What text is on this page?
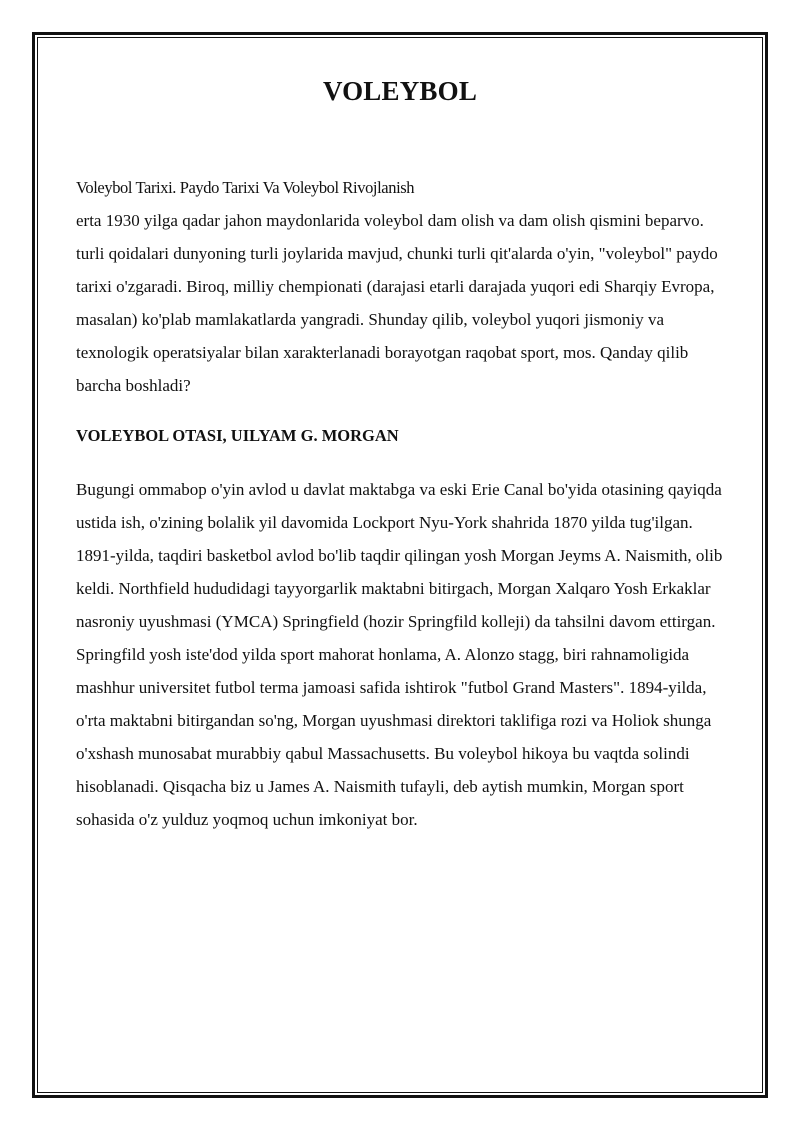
VOLEYBOL

Voleybol Tarixi. Paydo Tarixi Va Voleybol Rivojlanish

erta 1930 yilga qadar jahon maydonlarida voleybol dam olish va dam olish qismini beparvo. turli qoidalari dunyoning turli joylarida mavjud, chunki turli qit'alarda o'yin, "voleybol" paydo tarixi o'zgaradi. Biroq, milliy chempionati (darajasi etarli darajada yuqori edi Sharqiy Evropa, masalan) ko'plab mamlakatlarda yangradi. Shunday qilib, voleybol yuqori jismoniy va texnologik operatsiyalar bilan xarakterlanadi borayotgan raqobat sport, mos. Qanday qilib barcha boshladi?

VOLEYBOL OTASI, UILYAM G. MORGAN

Bugungi ommabop o'yin avlod u davlat maktabga va eski Erie Canal bo'yida otasining qayiqda ustida ish, o'zining bolalik yil davomida Lockport Nyu-York shahrida 1870 yilda tug'ilgan. 1891-yilda, taqdiri basketbol avlod bo'lib taqdir qilingan yosh Morgan Jeyms A. Naismith, olib keldi. Northfield hududidagi tayyorgarlik maktabni bitirgach, Morgan Xalqaro Yosh Erkaklar nasroniy uyushmasi (YMCA) Springfield (hozir Springfild kolleji) da tahsilni davom ettirgan. Springfild yosh iste'dod yilda sport mahorat honlama, A. Alonzo stagg, biri rahnamoligida mashhur universitet futbol terma jamoasi safida ishtirok "futbol Grand Masters". 1894-yilda, o'rta maktabni bitirgandan so'ng, Morgan uyushmasi direktori taklifiga rozi va Holiok shunga o'xshash munosabat murabbiy qabul Massachusetts. Bu voleybol hikoya bu vaqtda solindi hisoblanadi. Qisqacha biz u James A. Naismith tufayli, deb aytish mumkin, Morgan sport sohasida o'z yulduz yoqmoq uchun imkoniyat bor.
